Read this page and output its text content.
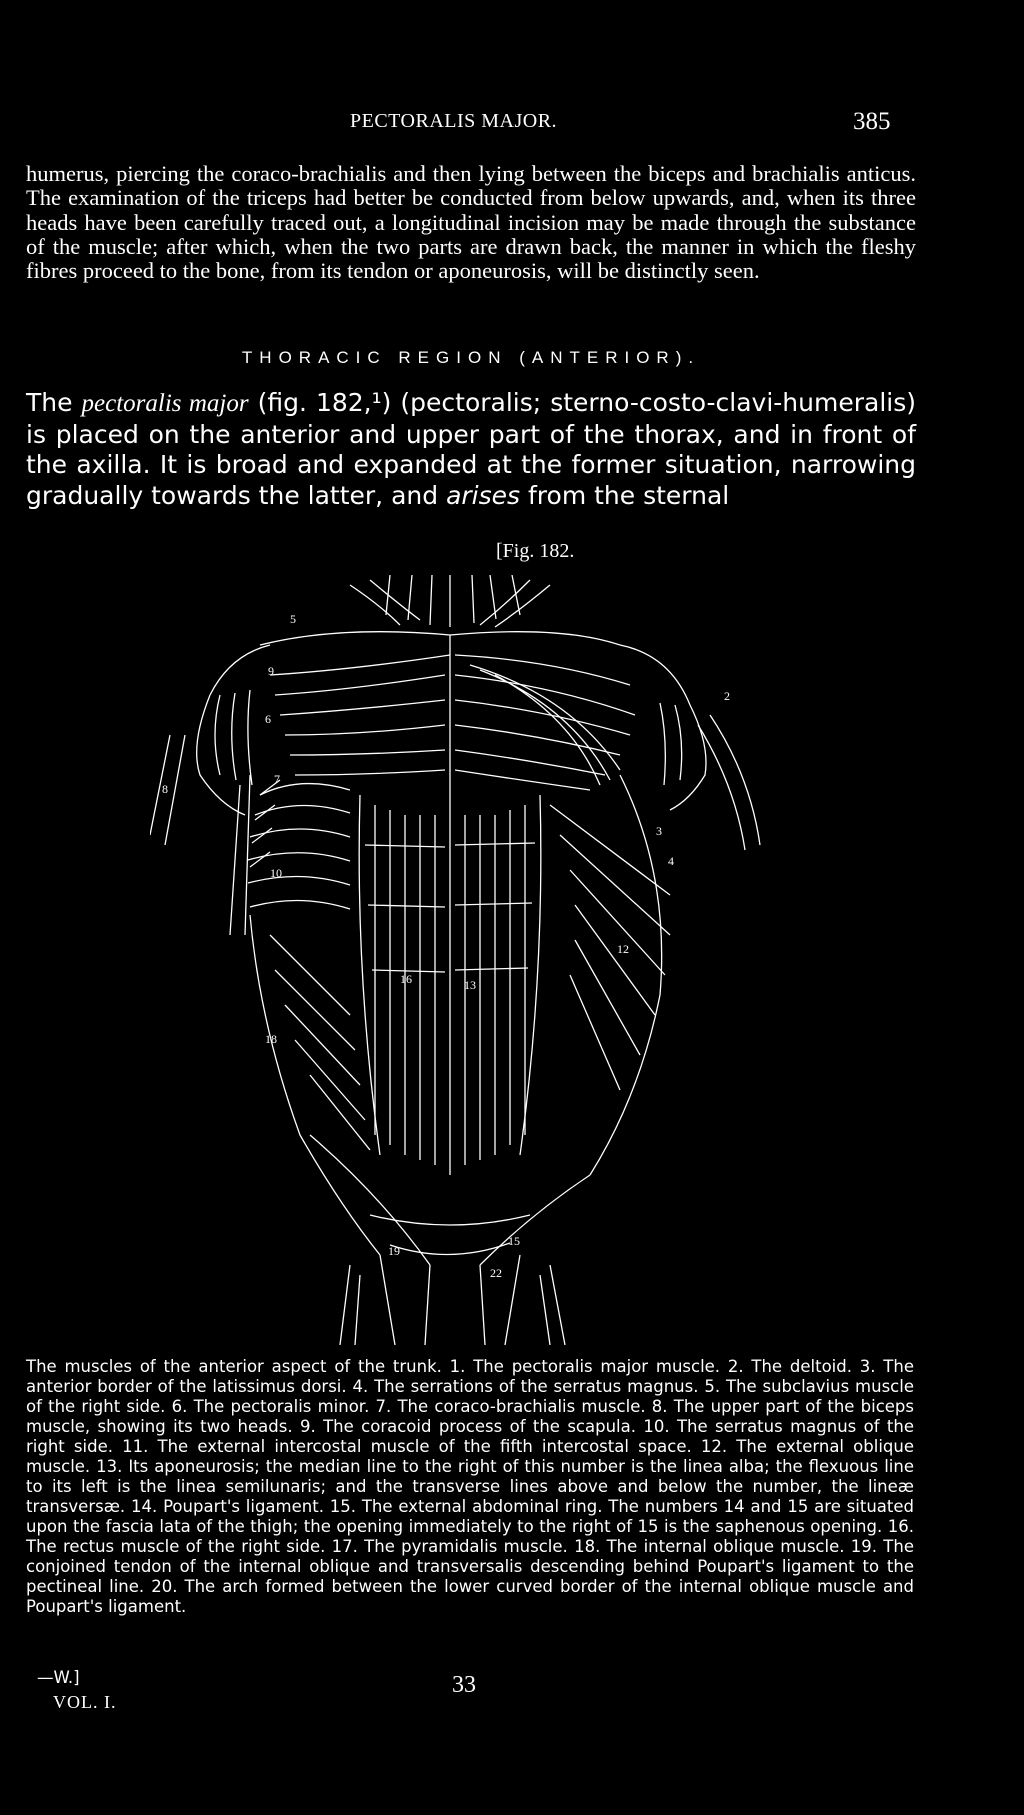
PECTORALIS MAJOR.	385

humerus, piercing the coraco-brachialis and then lying between the biceps and brachialis anticus. The examination of the triceps had better be conducted from below upwards, and, when its three heads have been carefully traced out, a longitudinal incision may be made through the substance of the muscle; after which, when the two parts are drawn back, the manner in which the fleshy fibres proceed to the bone, from its tendon or aponeurosis, will be distinctly seen.

THORACIC REGION (ANTERIOR).

The pectoralis major (fig. 182,¹) (pectoralis; sterno-costo-clavi-humeralis) is placed on the anterior and upper part of the thorax, and in front of the axilla. It is broad and expanded at the former situation, narrowing gradually towards the latter, and arises from the sternal

[Fig. 182.
5
9
6
2
8
7
3
4
10
12
16	13
18
19
15
22

The muscles of the anterior aspect of the trunk. 1. The pectoralis major muscle. 2. The deltoid. 3. The anterior border of the latissimus dorsi. 4. The serrations of the serratus magnus. 5. The subclavius muscle of the right side. 6. The pectoralis minor. 7. The coraco-brachialis muscle. 8. The upper part of the biceps muscle, showing its two heads. 9. The coracoid process of the scapula. 10. The serratus magnus of the right side. 11. The external intercostal muscle of the fifth intercostal space. 12. The external oblique muscle. 13. Its aponeurosis; the median line to the right of this number is the linea alba; the flexuous line to its left is the linea semilunaris; and the transverse lines above and below the number, the lineæ transversæ. 14. Poupart's ligament. 15. The external abdominal ring. The numbers 14 and 15 are situated upon the fascia lata of the thigh; the opening immediately to the right of 15 is the saphenous opening. 16. The rectus muscle of the right side. 17. The pyramidalis muscle. 18. The internal oblique muscle. 19. The conjoined tendon of the internal oblique and transversalis descending behind Poupart's ligament to the pectineal line. 20. The arch formed between the lower curved border of the internal oblique muscle and Poupart's ligament.

—W.]
VOL. I.
33
